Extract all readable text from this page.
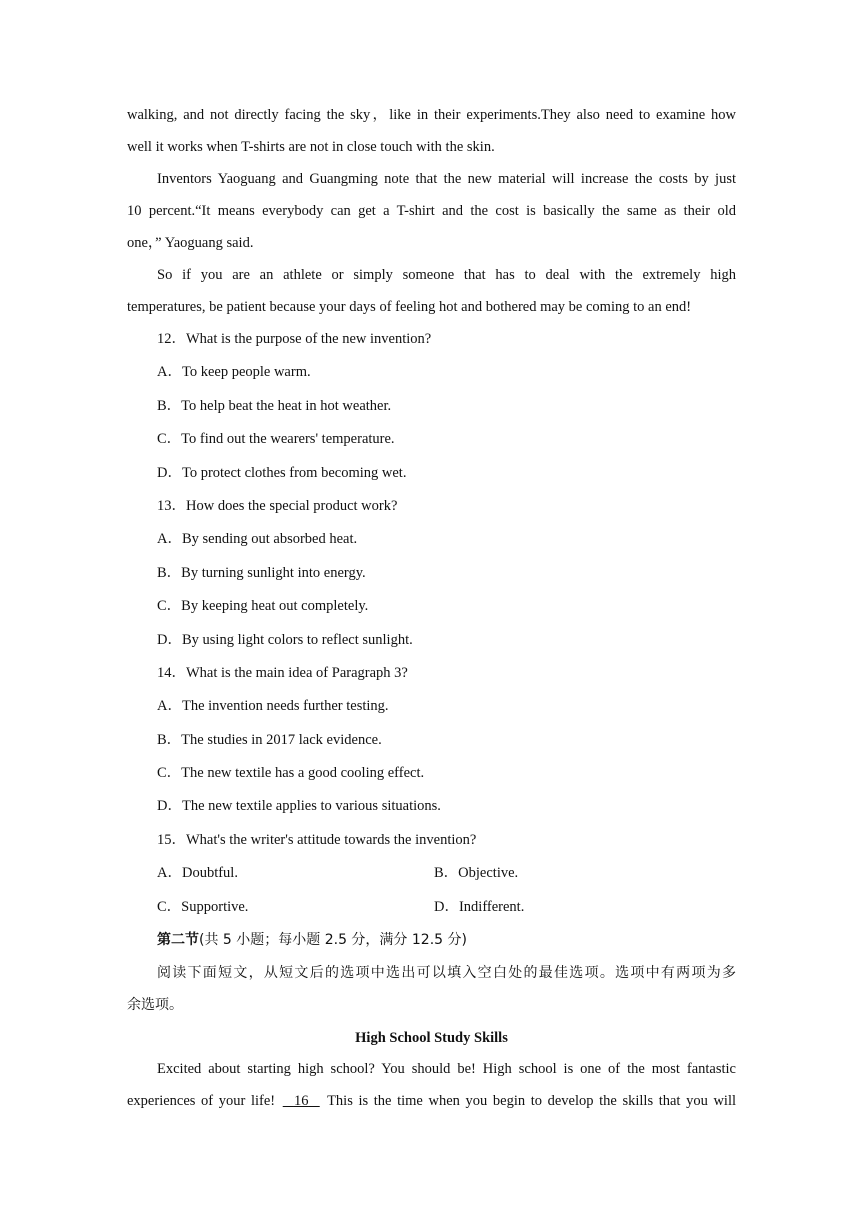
walking, and not directly facing the sky，like in their experiments.They also need to examine how
well it works when T-shirts are not in close touch with the skin.
Inventors Yaoguang and Guangming note that the new material will increase the costs by just
10 percent.“It means everybody can get a T-shirt and the cost is basically the same as their old
one，” Yaoguang said.
So if you are an athlete or simply someone that has to deal with the extremely high
temperatures, be patient because your days of feeling hot and bothered may be coming to an end!
12．What is the purpose of the new invention?
A．To keep people warm.
B．To help beat the heat in hot weather.
C．To find out the wearers' temperature.
D．To protect clothes from becoming wet.
13．How does the special product work?
A．By sending out absorbed heat.
B．By turning sunlight into energy.
C．By keeping heat out completely.
D．By using light colors to reflect sunlight.
14．What is the main idea of Paragraph 3?
A．The invention needs further testing.
B．The studies in 2017 lack evidence.
C．The new textile has a good cooling effect.
D．The new textile applies to various situations.
15．What's the writer's attitude towards the invention?
A．Doubtful.	B．Objective.
C．Supportive.	D．Indifferent.
第二节(共 5 小题；每小题 2.5 分，满分 12.5 分)
阅读下面短文，从短文后的选项中选出可以填入空白处的最佳选项。选项中有两项为多
余选项。
High School Study Skills
Excited about starting high school? You should be! High school is one of the most fantastic
experiences of your life!   16   This is the time when you begin to develop the skills that you will
